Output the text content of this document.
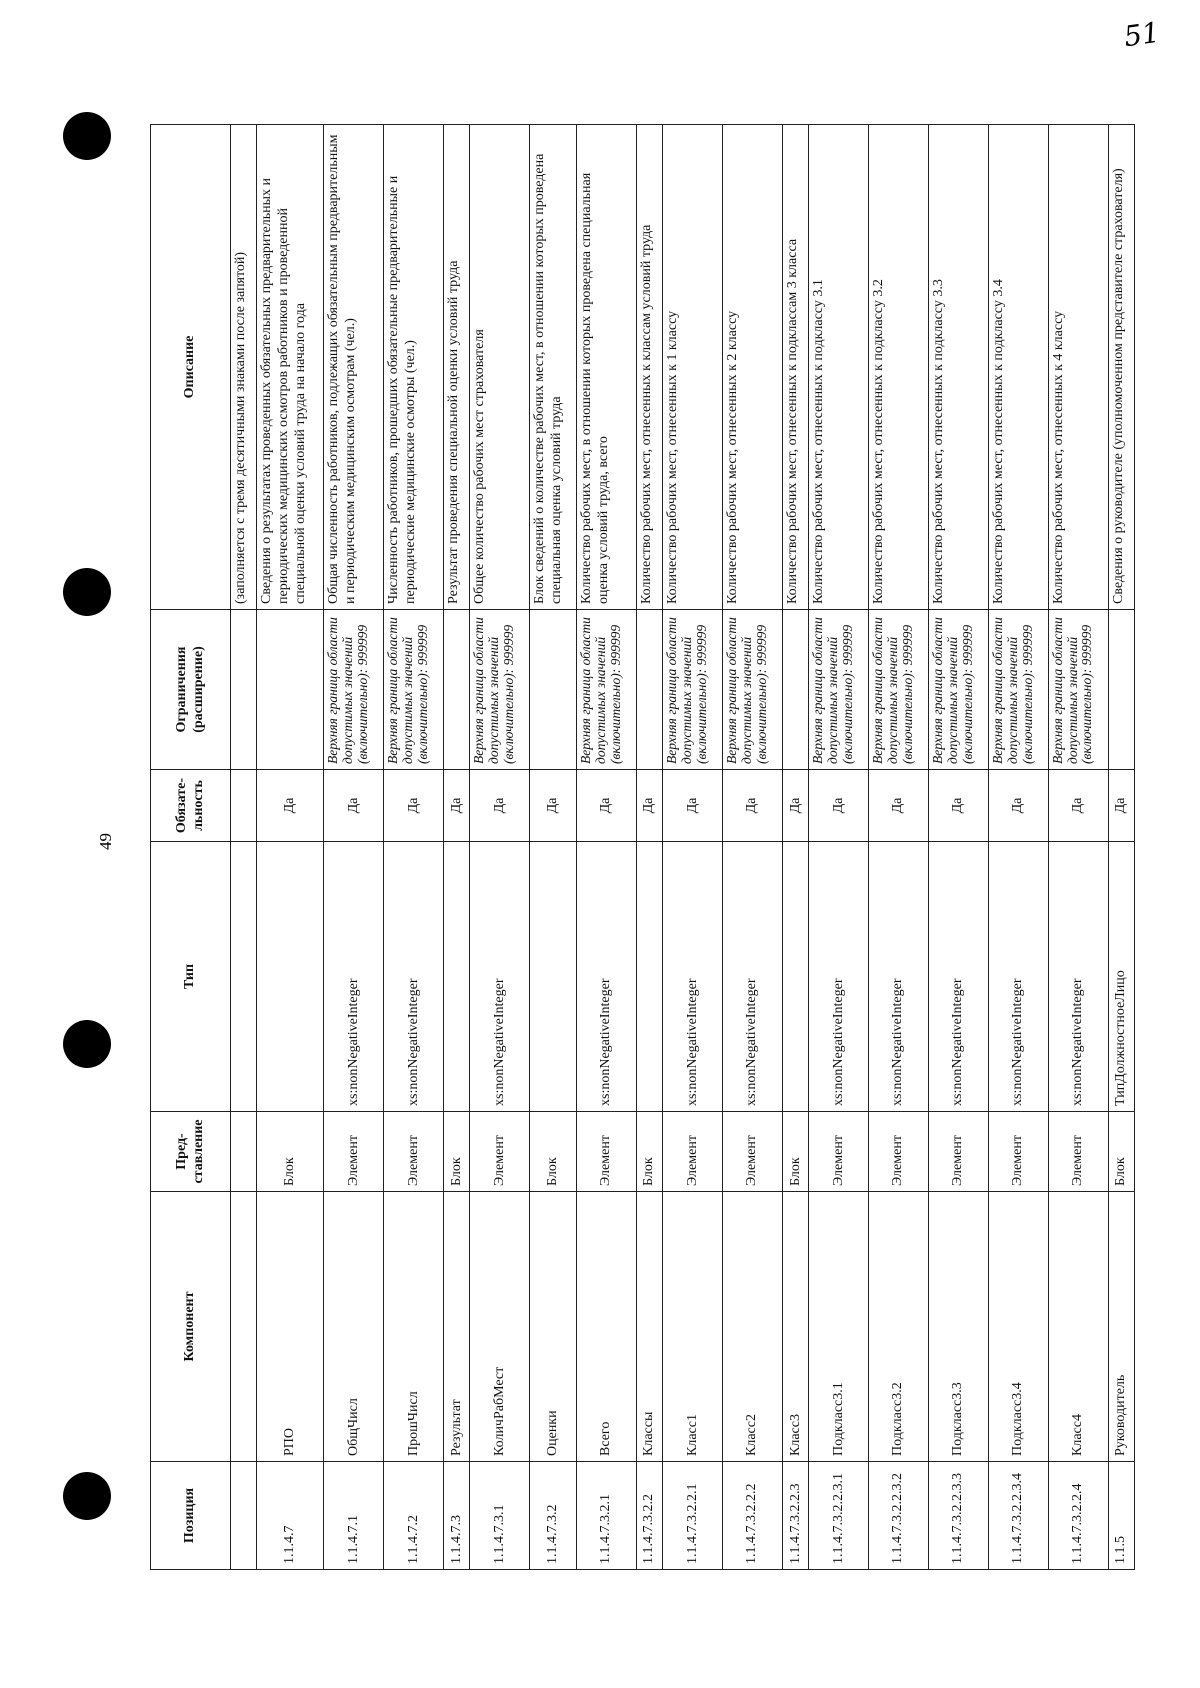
49
51
Позиция	Компонент	Пред-ставление	Тип	Обязате-льность	Ограничения (расширение)	Описание
						(заполняется с тремя десятичными знаками после запятой)
1.1.4.7	РПО	Блок		Да		Сведения о результатах проведенных обязательных предварительных и периодических медицинских осмотров работников и проведенной специальной оценки условий труда на начало года
1.1.4.7.1	ОбщЧисл	Элемент	xs:nonNegativeInteger	Да	Верхняя граница области допустимых значений (включительно): 999999	Общая численность работников, подлежащих обязательным предварительным и периодическим медицинским осмотрам (чел.)
1.1.4.7.2	ПрошЧисл	Элемент	xs:nonNegativeInteger	Да	Верхняя граница области допустимых значений (включительно): 999999	Численность работников, прошедших обязательные предварительные и периодические медицинские осмотры (чел.)
1.1.4.7.3	Результат	Блок		Да		Результат проведения специальной оценки условий труда
1.1.4.7.3.1	КоличРабМест	Элемент	xs:nonNegativeInteger	Да	Верхняя граница области допустимых значений (включительно): 999999	Общее количество рабочих мест страхователя
1.1.4.7.3.2	Оценки	Блок		Да		Блок сведений о количестве рабочих мест, в отношении которых проведена специальная оценка условий труда
1.1.4.7.3.2.1	Всего	Элемент	xs:nonNegativeInteger	Да	Верхняя граница области допустимых значений (включительно): 999999	Количество рабочих мест, в отношении которых проведена специальная оценка условий труда, всего
1.1.4.7.3.2.2	Классы	Блок		Да		Количество рабочих мест, отнесенных к классам условий труда
1.1.4.7.3.2.2.1	Класс1	Элемент	xs:nonNegativeInteger	Да	Верхняя граница области допустимых значений (включительно): 999999	Количество рабочих мест, отнесенных к 1 классу
1.1.4.7.3.2.2.2	Класс2	Элемент	xs:nonNegativeInteger	Да	Верхняя граница области допустимых значений (включительно): 999999	Количество рабочих мест, отнесенных к 2 классу
1.1.4.7.3.2.2.3	Класс3	Блок		Да		Количество рабочих мест, отнесенных к подклассам 3 класса
1.1.4.7.3.2.2.3.1	Подкласс3.1	Элемент	xs:nonNegativeInteger	Да	Верхняя граница области допустимых значений (включительно): 999999	Количество рабочих мест, отнесенных к подклассу 3.1
1.1.4.7.3.2.2.3.2	Подкласс3.2	Элемент	xs:nonNegativeInteger	Да	Верхняя граница области допустимых значений (включительно): 999999	Количество рабочих мест, отнесенных к подклассу 3.2
1.1.4.7.3.2.2.3.3	Подкласс3.3	Элемент	xs:nonNegativeInteger	Да	Верхняя граница области допустимых значений (включительно): 999999	Количество рабочих мест, отнесенных к подклассу 3.3
1.1.4.7.3.2.2.3.4	Подкласс3.4	Элемент	xs:nonNegativeInteger	Да	Верхняя граница области допустимых значений (включительно): 999999	Количество рабочих мест, отнесенных к подклассу 3.4
1.1.4.7.3.2.2.4	Класс4	Элемент	xs:nonNegativeInteger	Да	Верхняя граница области допустимых значений (включительно): 999999	Количество рабочих мест, отнесенных к 4 классу
1.1.5	Руководитель	Блок	ТипДолжностноеЛицо	Да		Сведения о руководителе (уполномоченном представителе страхователя)
